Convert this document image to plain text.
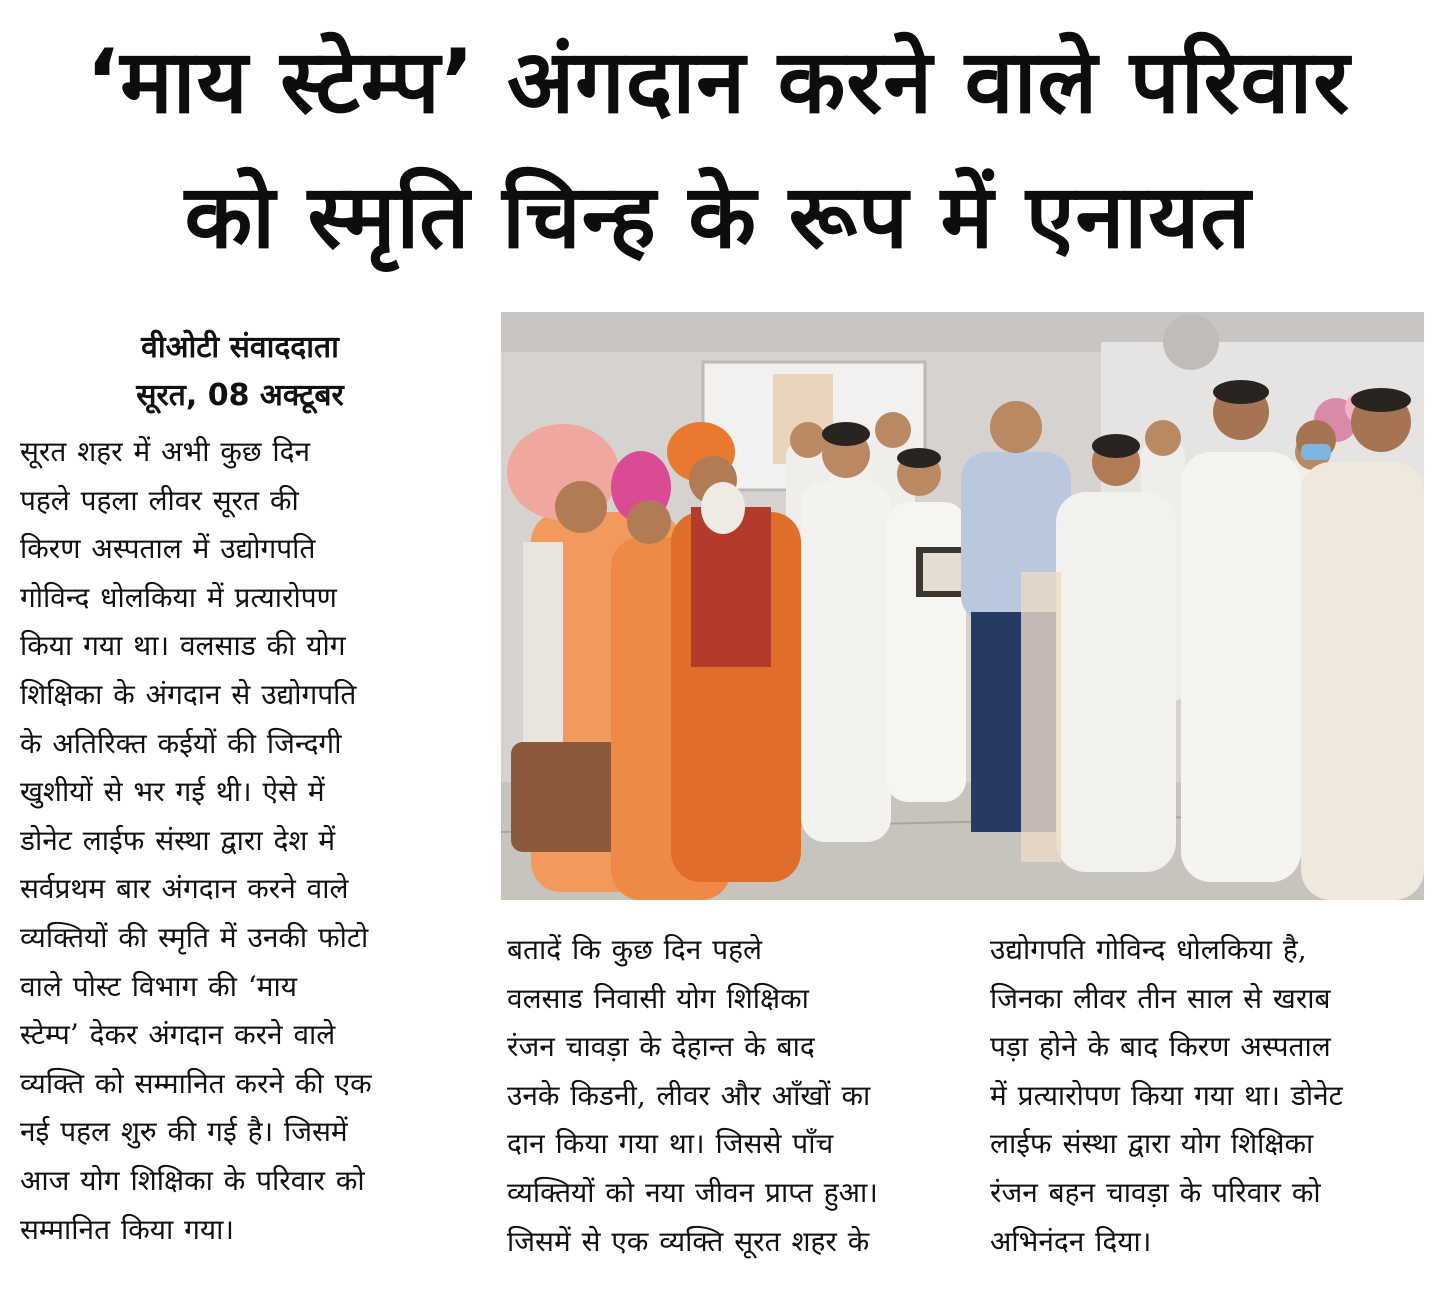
‘माय स्टेम्प’ अंगदान करने वाले परिवार
को स्मृति चिन्ह के रूप में एनायत
वीओटी संवाददाता
सूरत, 08 अक्टूबर
सूरत शहर में अभी कुछ दिन
पहले पहला लीवर सूरत की
किरण अस्पताल में उद्योगपति
गोविन्द धोलकिया में प्रत्यारोपण
किया गया था। वलसाड की योग
शिक्षिका के अंगदान से उद्योगपति
के अतिरिक्त कईयों की जिन्दगी
खुशीयों से भर गई थी। ऐसे में
डोनेट लाईफ संस्था द्वारा देश में
सर्वप्रथम बार अंगदान करने वाले
व्यक्तियों की स्मृति में उनकी फोटो
वाले पोस्ट विभाग की ‘माय
स्टेम्प’ देकर अंगदान करने वाले
व्यक्ति को सम्मानित करने की एक
नई पहल शुरु की गई है। जिसमें
आज योग शिक्षिका के परिवार को
सम्मानित किया गया।
बतादें कि कुछ दिन पहले
वलसाड निवासी योग शिक्षिका
रंजन चावड़ा के देहान्त के बाद
उनके किडनी, लीवर और आँखों का
दान किया गया था। जिससे पाँच
व्यक्तियों को नया जीवन प्राप्त हुआ।
जिसमें से एक व्यक्ति सूरत शहर के
उद्योगपति गोविन्द धोलकिया है,
जिनका लीवर तीन साल से खराब
पड़ा होने के बाद किरण अस्पताल
में प्रत्यारोपण किया गया था। डोनेट
लाईफ संस्था द्वारा योग शिक्षिका
रंजन बहन चावड़ा के परिवार को
अभिनंदन दिया।
